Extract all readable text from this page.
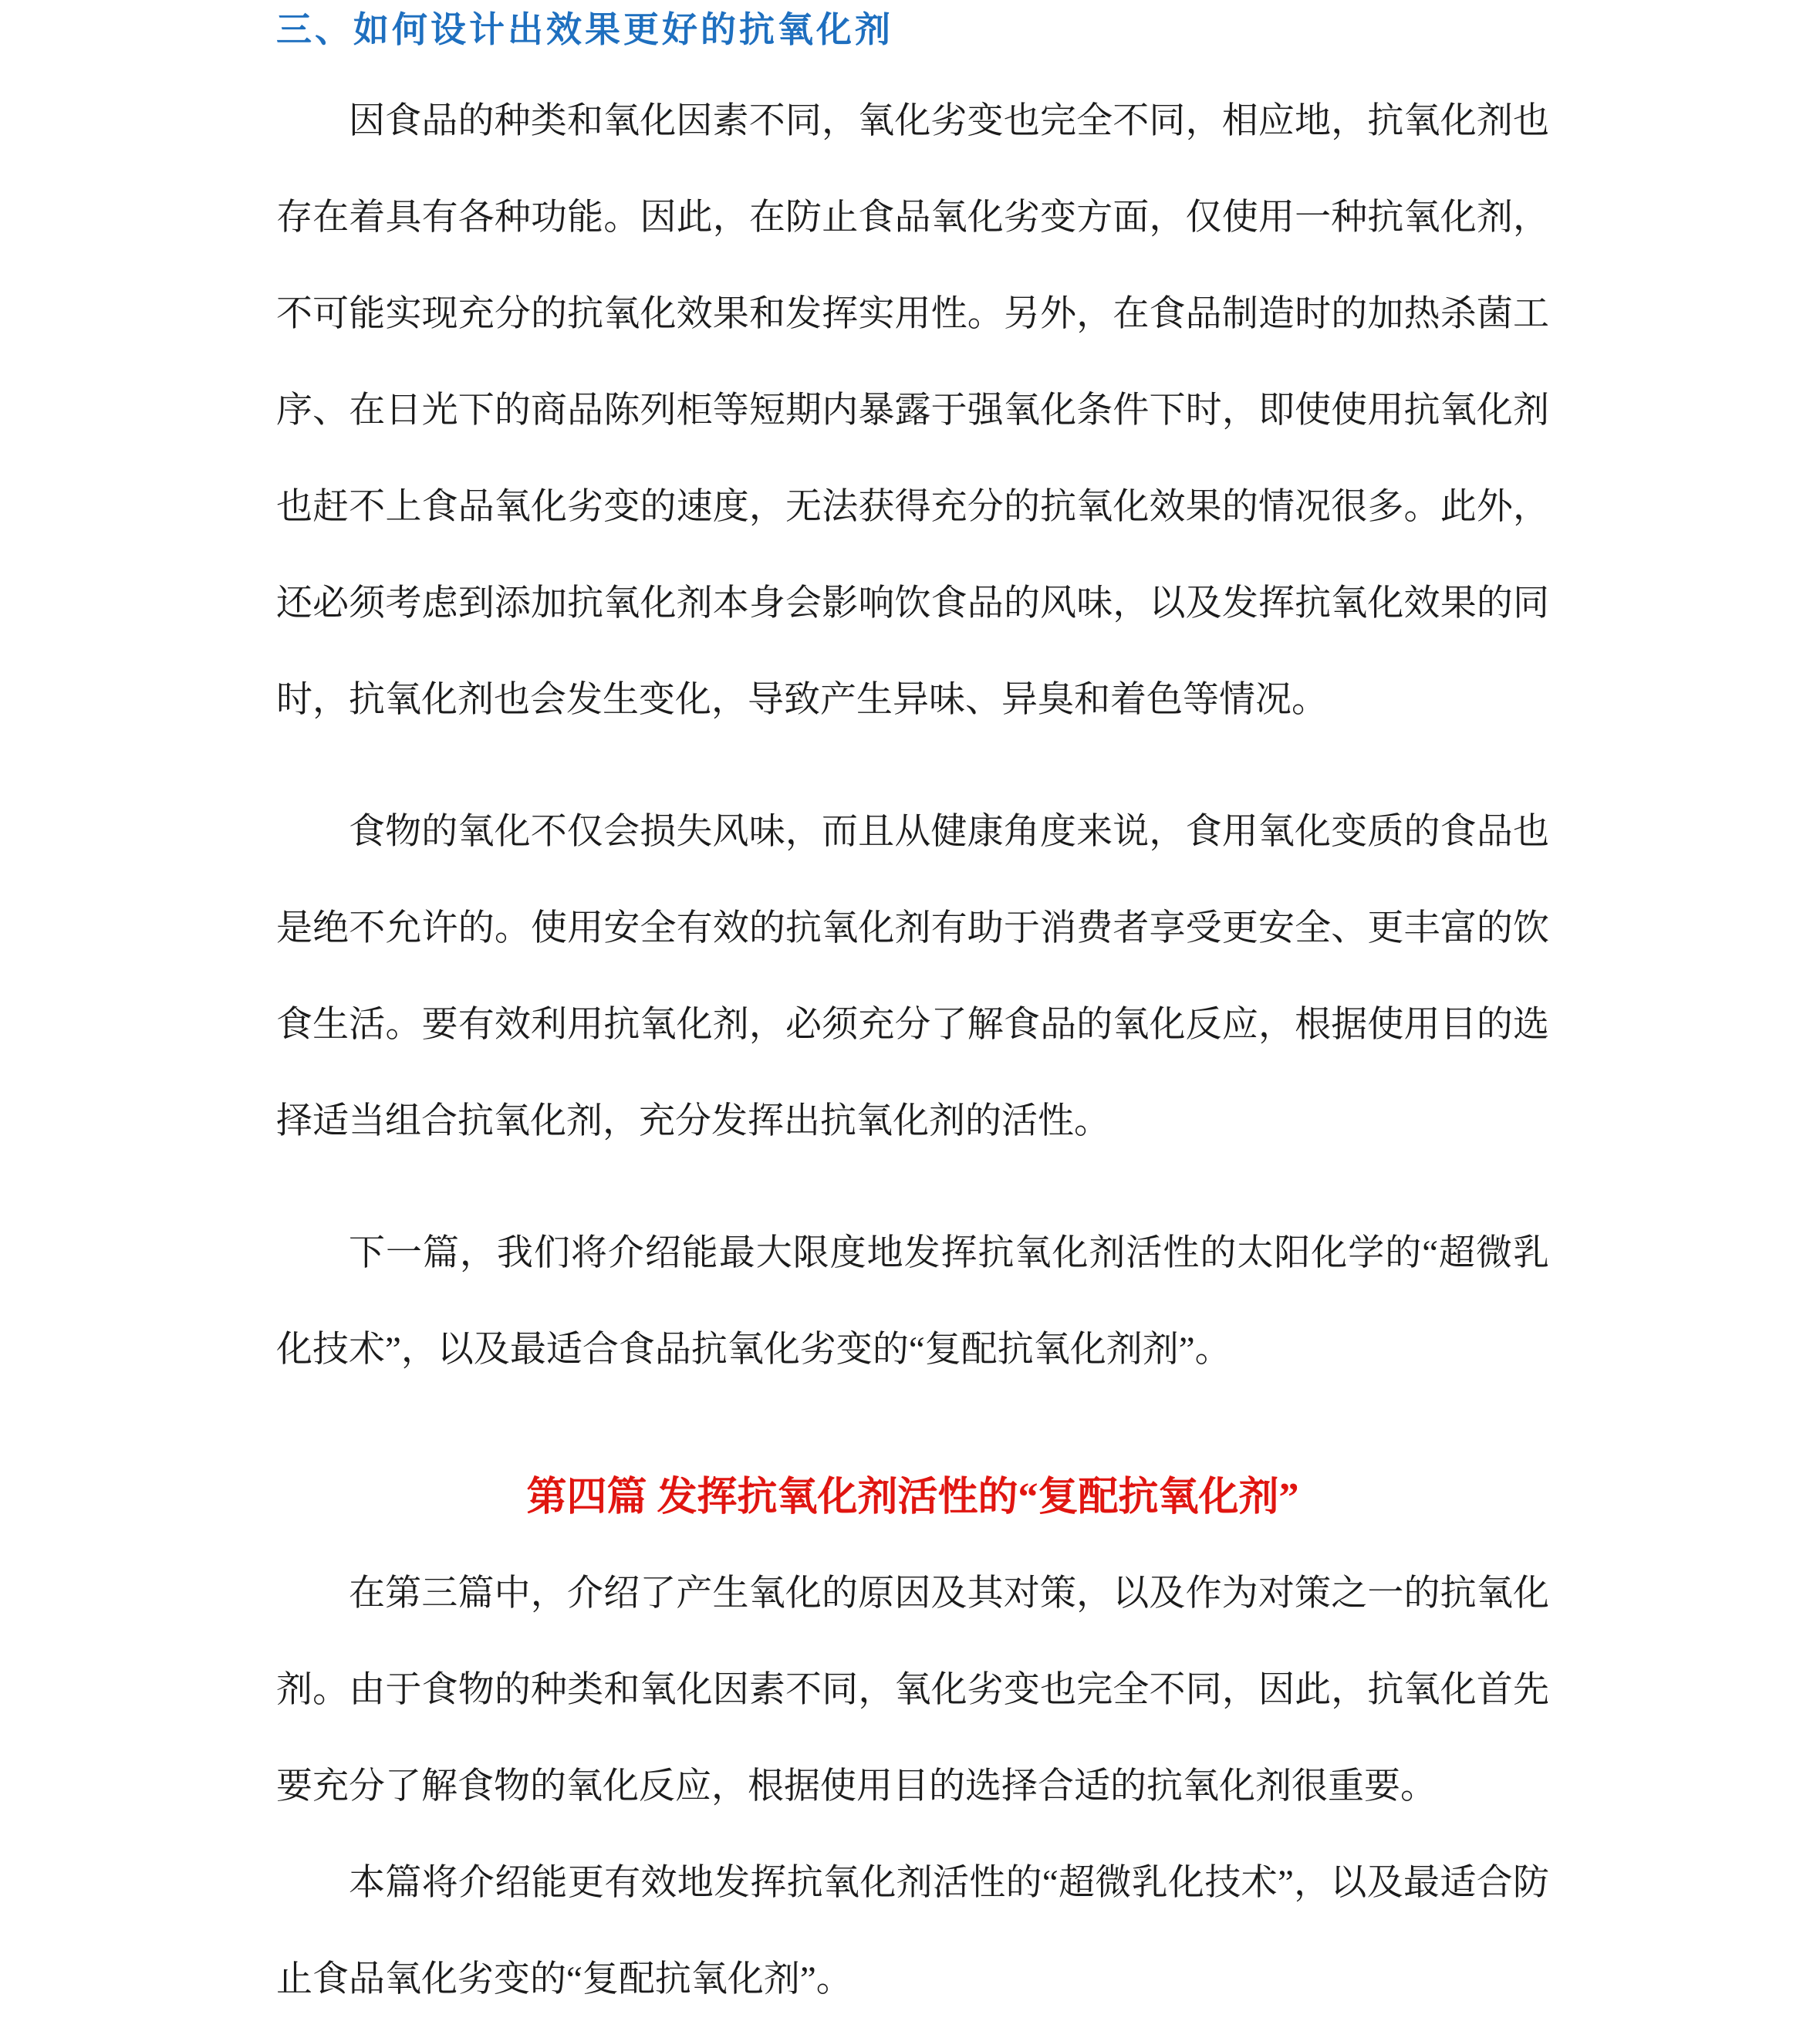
三、如何设计出效果更好的抗氧化剂

因食品的种类和氧化因素不同，氧化劣变也完全不同，相应地，抗氧化剂也存在着具有各种功能。因此，在防止食品氧化劣变方面，仅使用一种抗氧化剂，不可能实现充分的抗氧化效果和发挥实用性。另外，在食品制造时的加热杀菌工序、在日光下的商品陈列柜等短期内暴露于强氧化条件下时，即使使用抗氧化剂也赶不上食品氧化劣变的速度，无法获得充分的抗氧化效果的情况很多。此外，还必须考虑到添加抗氧化剂本身会影响饮食品的风味，以及发挥抗氧化效果的同时，抗氧化剂也会发生变化，导致产生异味、异臭和着色等情况。

食物的氧化不仅会损失风味，而且从健康角度来说，食用氧化变质的食品也是绝不允许的。使用安全有效的抗氧化剂有助于消费者享受更安全、更丰富的饮食生活。要有效利用抗氧化剂，必须充分了解食品的氧化反应，根据使用目的选择适当组合抗氧化剂，充分发挥出抗氧化剂的活性。

下一篇，我们将介绍能最大限度地发挥抗氧化剂活性的太阳化学的“超微乳化技术”，以及最适合食品抗氧化劣变的“复配抗氧化剂剂”。

第四篇 发挥抗氧化剂活性的“复配抗氧化剂”

在第三篇中，介绍了产生氧化的原因及其对策，以及作为对策之一的抗氧化剂。由于食物的种类和氧化因素不同，氧化劣变也完全不同，因此，抗氧化首先要充分了解食物的氧化反应，根据使用目的选择合适的抗氧化剂很重要。

本篇将介绍能更有效地发挥抗氧化剂活性的“超微乳化技术”，以及最适合防止食品氧化劣变的“复配抗氧化剂”。
